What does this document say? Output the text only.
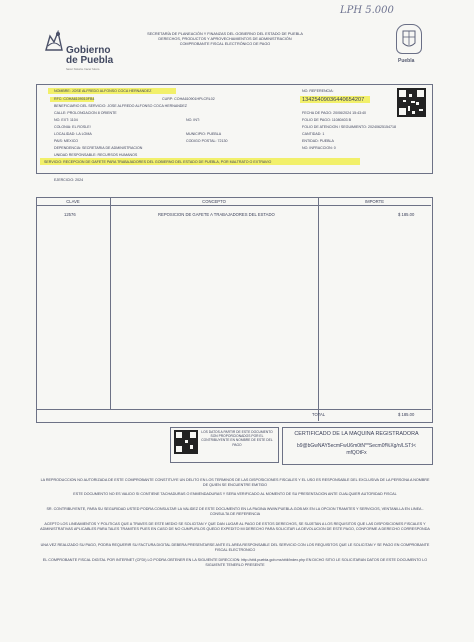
LPH 5.000
Gobierno
de Puebla
hacer historia. hacer futuro.
SECRETARÍA DE PLANEACIÓN Y FINANZAS DEL GOBIERNO DEL ESTADO DE PUEBLA
DERECHOS, PRODUCTOS Y APROVECHAMIENTOS DE ADMINISTRACIÓN
COMPROBANTE FISCAL ELECTRÓNICO DE PAGO
Puebla
NOMBRE: JOSE ALFREDO ALFONSO COCA HERNANDEZ
RFC: COHA6109010FB4
BENEFICIARIO DEL SERVICIO: JOSE ALFREDO ALFONSO COCA HERNANDEZ
CALLE: PROLONGACION 8 ORIENTE
NO. EXT: 1104
COLONIA: EL ROSLE!
LOCALIDAD: LA LOMA
PAIS: MEXICO
DEPENDENCIA: SECRETARIA DE ADMINISTRACION
UNIDAD RESPONSABLE: RECURSOS HUMANOS
SERVICIO: RECEPCION DE GAFETE PARA TRABAJADORES DEL GOBIERNO DEL ESTADO DE PUEBLA, POR MALTRATO O EXTRAVIO
EJERCICIO: 2024
CURP: COHA610901HPLCRL02
NO. INT:
MUNICIPIO: PUEBLA
CODIGO POSTAL: 72130
NO. REFERENCIA:
13425409036440654207
FECHA DE PAGO: 20/06/2024 15:43:40
FOLIO DE PAGO: 11080403 B
FOLIO DE ATENCION / SEGUIMIENTO: 20240625154718
CANTIDAD: 1
ENTIDAD: PUEBLA
NO. INFRACCION: 0
CLAVE	CONCEPTO	IMPORTE
12576	REPOSICION DE GAFETE A TRABAJADORES DEL ESTADO	$ 185.00
TOTAL	$ 185.00
LOS DATOS A PARTIR DE ESTE DOCUMENTO SON PROPORCIONADOS POR EL CONTRIBUYENTE EN NOMBRE DE ESTE DEL PAGO
CERTIFICADO DE LA MAQUINA REGISTRADORA
b9@bGwNAY5ecmFwU6m0tN**Secm0f%Xg/n/LST:l<
mfQOtFx
LA REPRODUCCION NO AUTORIZADA DE ESTE COMPROBANTE CONSTITUYE UN DELITO EN LOS TERMINOS DE LAS DISPOSICIONES FISCALES Y EL USO ES RESPONSABLE DEL EXCLUSIVA DE LA PERSONA A NOMBRE DE QUIEN SE ENCUENTRE EMITIDO
ESTE DOCUMENTO NO ES VALIDO SI CONTIENE TACHADURAS O ENMENDADURAS Y SERA VERIFICADO AL MOMENTO DE SU PRESENTACION ANTE CUALQUIER AUTORIDAD FISCAL
SR. CONTRIBUYENTE, PARA SU SEGURIDAD USTED PODRA CONSULTAR LA VALIDEZ DE ESTE DOCUMENTO EN LA PAGINA WWW.PUEBLA.GOB.MX EN LA OPCION TRAMITES Y SERVICIOS, VENTANILLA EN LINEA - CONSULTA DE REFERENCIA
ACEPTO LOS LINEAMIENTOS Y POLITICAS QUE A TRAVES DE ESTE MEDIO SE SOLICITAN Y QUE DAN LUGAR AL PAGO DE ESTOS DERECHOS, SE SUJETAN A LOS REQUISITOS QUE LAS DISPOSICIONES FISCALES Y ADMINISTRATIVAS APLICABLES PARA TALES TRAMITES PUES EN CASO DE NO CUMPLIRLOS QUEDO EXPEDITO MI DERECHO PARA SOLICITAR LA DEVOLUCION DE ESTE PAGO, CONFORME A DERECHO CORRESPONDA
UNA VEZ REALIZADO SU PAGO, PODRA REQUERIR SU FACTURA DIGITAL DEBERA PRESENTARSE ANTE EL AREA RESPONSABLE DEL SERVICIO CON LOS REQUISITOS QUE LE SOLICITAN Y SE PAGO EN COMPROBANTE FISCAL ELECTRONICO
EL COMPROBANTE FISCAL DIGITAL POR INTERNET (CFDI) LO PODRA OBTENER EN LA SIGUIENTE DIRECCION: http://cfdi.puebla.gob.mx/cfdi/index.php EN DICHO SITIO LE SOLICITARAN DATOS DE ESTE DOCUMENTO LO SIGUIENTE TENERLO PRESENTE
